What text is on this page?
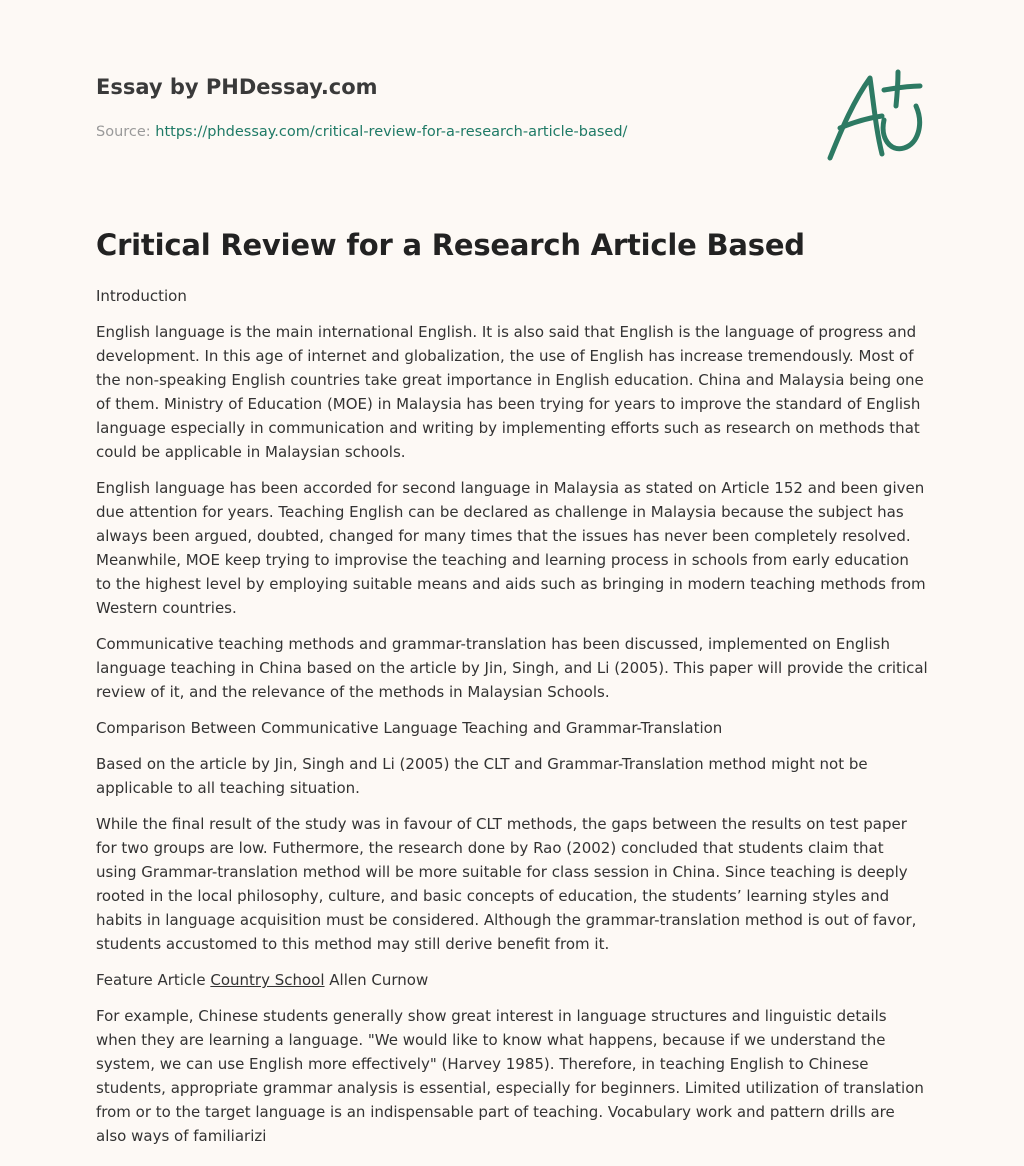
Essay by PHDessay.com
Source: https://phdessay.com/critical-review-for-a-research-article-based/
Critical Review for a Research Article Based

Introduction

English language is the main international English. It is also said that English is the language of progress and development. In this age of internet and globalization, the use of English has increase tremendously. Most of the non-speaking English countries take great importance in English education. China and Malaysia being one of them. Ministry of Education (MOE) in Malaysia has been trying for years to improve the standard of English language especially in communication and writing by implementing efforts such as research on methods that could be applicable in Malaysian schools.

English language has been accorded for second language in Malaysia as stated on Article 152 and been given due attention for years. Teaching English can be declared as challenge in Malaysia because the subject has always been argued, doubted, changed for many times that the issues has never been completely resolved. Meanwhile, MOE keep trying to improvise the teaching and learning process in schools from early education to the highest level by employing suitable means and aids such as bringing in modern teaching methods from Western countries.

Communicative teaching methods and grammar-translation has been discussed, implemented on English language teaching in China based on the article by Jin, Singh, and Li (2005). This paper will provide the critical review of it, and the relevance of the methods in Malaysian Schools.

Comparison Between Communicative Language Teaching and Grammar-Translation

Based on the article by Jin, Singh and Li (2005) the CLT and Grammar-Translation method might not be applicable to all teaching situation.

While the final result of the study was in favour of CLT methods, the gaps between the results on test paper for two groups are low. Futhermore, the research done by Rao (2002) concluded that students claim that using Grammar-translation method will be more suitable for class session in China. Since teaching is deeply rooted in the local philosophy, culture, and basic concepts of education, the students’ learning styles and habits in language acquisition must be considered. Although the grammar-translation method is out of favor, students accustomed to this method may still derive benefit from it.

Feature Article Country School Allen Curnow

For example, Chinese students generally show great interest in language structures and linguistic details when they are learning a language. "We would like to know what happens, because if we understand the system, we can use English more effectively" (Harvey 1985). Therefore, in teaching English to Chinese students, appropriate grammar analysis is essential, especially for beginners. Limited utilization of translation from or to the target language is an indispensable part of teaching. Vocabulary work and pattern drills are also ways of familiarizi
